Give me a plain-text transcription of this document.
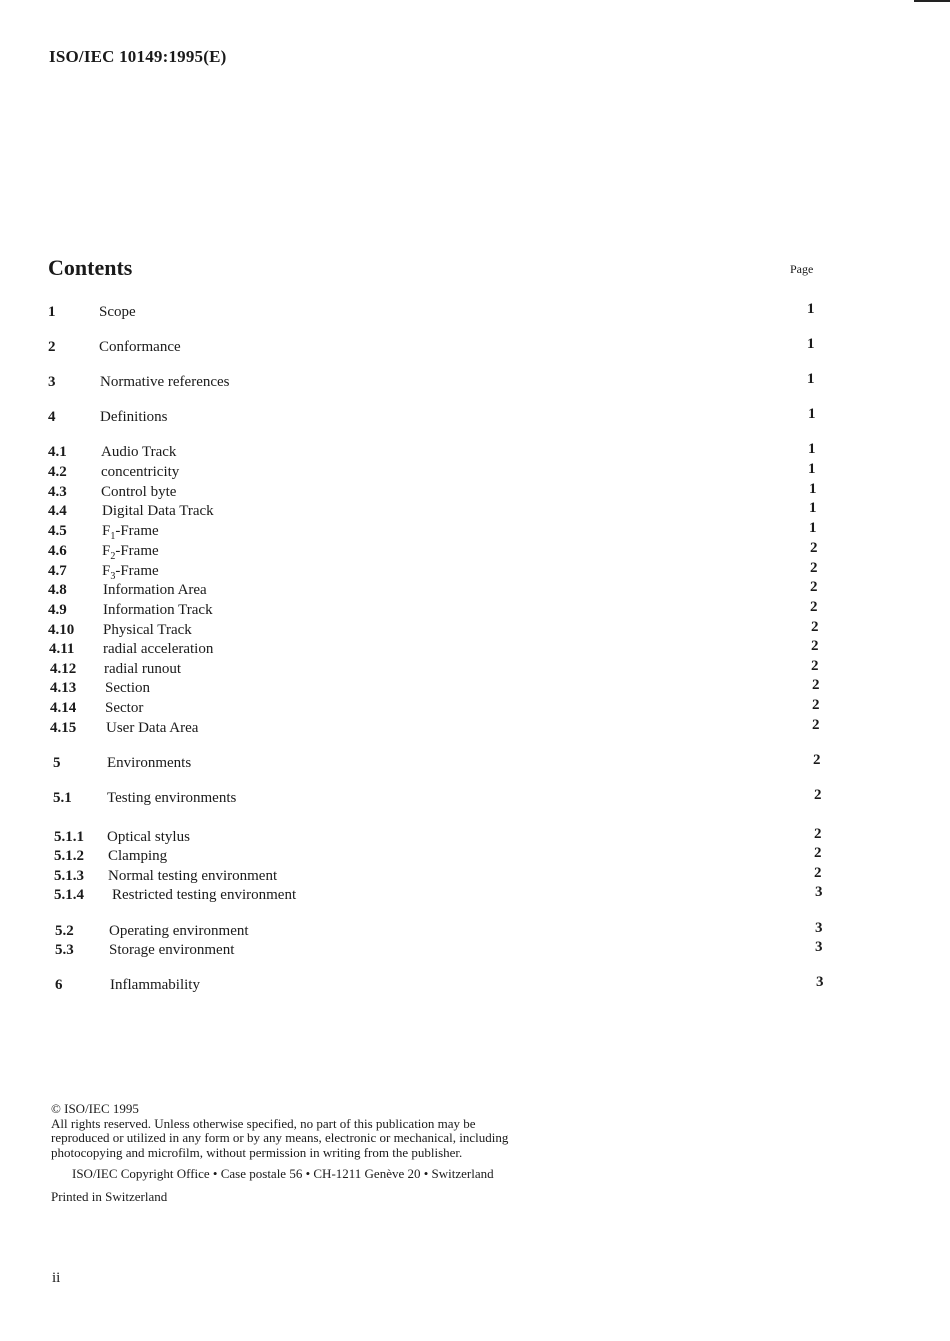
ISO/IEC 10149:1995(E)
Contents	Page
1	Scope	1
2	Conformance	1
3	Normative references	1
4	Definitions	1
4.1 Audio Track	1
4.2 concentricity	1
4.3 Control byte	1
4.4 Digital Data Track	1
4.5 $F_1$-Frame	1
4.6 $F_2$-Frame	2
4.7 $F_3$-Frame	2
4.8 Information Area	2
4.9 Information Track	2
4.10 Physical Track	2
4.11 radial acceleration	2
4.12 radial runout	2
4.13 Section	2
4.14 Sector	2
4.15 User Data Area	2
5	Environments	2
5.1 Testing environments	2
5.1.1 Optical stylus	2
5.1.2 Clamping	2
5.1.3 Normal testing environment	2
5.1.4 Restricted testing environment	3
5.2 Operating environment	3
5.3 Storage environment	3
6	Inflammability	3
© ISO/IEC 1995
All rights reserved. Unless otherwise specified, no part of this publication may be
reproduced or utilized in any form or by any means, electronic or mechanical, including
photocopying and microfilm, without permission in writing from the publisher.
ISO/IEC Copyright Office • Case postale 56 • CH-1211 Genève 20 • Switzerland
Printed in Switzerland
ii
